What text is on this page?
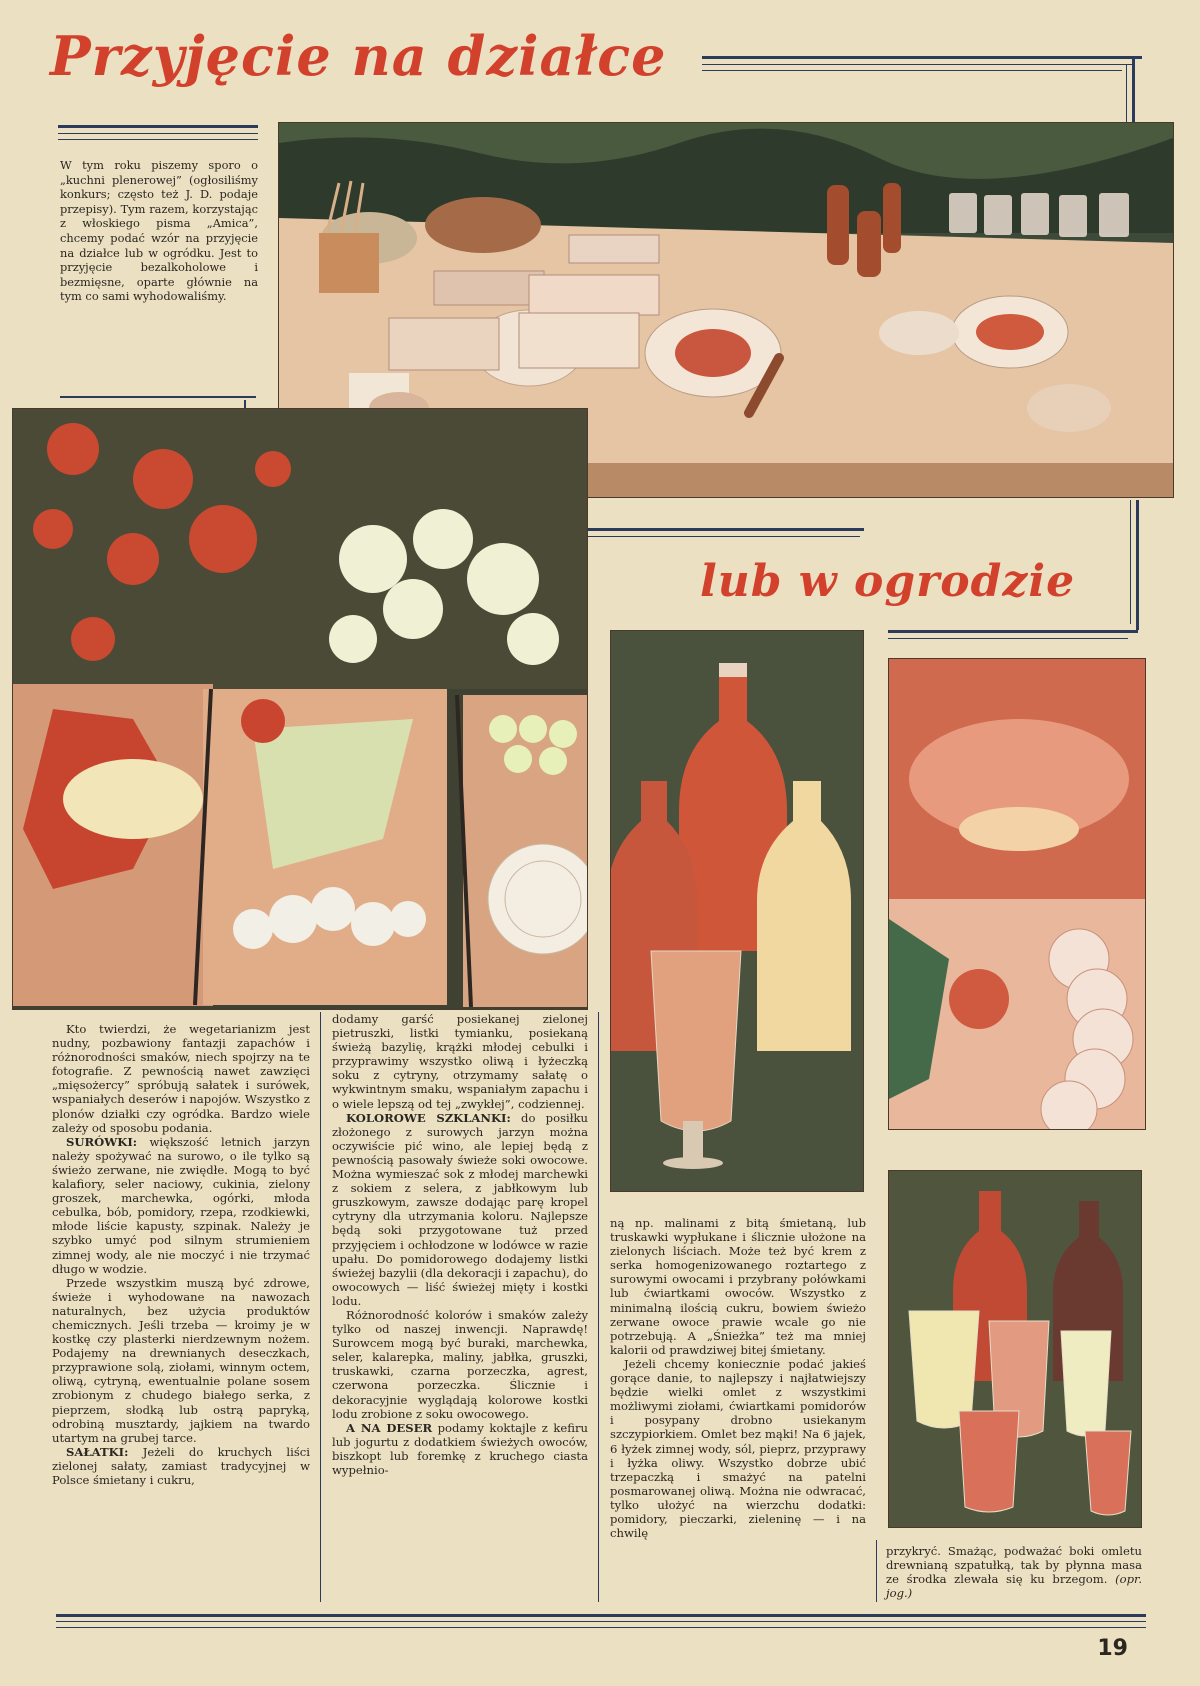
Przyjęcie na działce
W tym roku piszemy sporo o „kuchni plenerowej” (ogłosiliśmy konkurs; często też J. D. podaje przepisy). Tym razem, korzystając z włoskiego pisma „Amica”, chcemy podać wzór na przyjęcie na działce lub w ogródku. Jest to przyjęcie bezalkoholowe i bezmięsne, oparte głównie na tym co sami wyhodowaliśmy.
lub w ogrodzie

Kto twierdzi, że wegetarianizm jest nudny, pozbawiony fantazji zapachów i różnorodności smaków, niech spojrzy na te fotografie. Z pewnością nawet zawzięci „mięsożercy” spróbują sałatek i surówek, wspaniałych deserów i napojów. Wszystko z plonów działki czy ogródka. Bardzo wiele zależy od sposobu podania.

SURÓWKI: większość letnich jarzyn należy spożywać na surowo, o ile tylko są świeżo zerwane, nie zwiędłe. Mogą to być kalafiory, seler naciowy, cukinia, zielony groszek, marchewka, ogórki, młoda cebulka, bób, pomidory, rzepa, rzodkiewki, młode liście kapusty, szpinak. Należy je szybko umyć pod silnym strumieniem zimnej wody, ale nie moczyć i nie trzymać długo w wodzie.

Przede wszystkim muszą być zdrowe, świeże i wyhodowane na nawozach naturalnych, bez użycia produktów chemicznych. Jeśli trzeba — kroimy je w kostkę czy plasterki nierdzewnym nożem. Podajemy na drewnianych deseczkach, przyprawione solą, ziołami, winnym octem, oliwą, cytryną, ewentualnie polane sosem zrobionym z chudego białego serka, z pieprzem, słodką lub ostrą papryką, odrobiną musztardy, jajkiem na twardo utartym na grubej tarce.

SAŁATKI: Jeżeli do kruchych liści zielonej sałaty, zamiast tradycyjnej w Polsce śmietany i cukru,

dodamy garść posiekanej zielonej pietruszki, listki tymianku, posiekaną świeżą bazylię, krążki młodej cebulki i przyprawimy wszystko oliwą i łyżeczką soku z cytryny, otrzymamy sałatę o wykwintnym smaku, wspaniałym zapachu i o wiele lepszą od tej „zwykłej”, codziennej.

KOLOROWE SZKLANKI: do posiłku złożonego z surowych jarzyn można oczywiście pić wino, ale lepiej będą z pewnością pasowały świeże soki owocowe. Można wymieszać sok z młodej marchewki z sokiem z selera, z jabłkowym lub gruszkowym, zawsze dodając parę kropel cytryny dla utrzymania koloru. Najlepsze będą soki przygotowane tuż przed przyjęciem i ochłodzone w lodówce w razie upału. Do pomidorowego dodajemy listki świeżej bazylii (dla dekoracji i zapachu), do owocowych — liść świeżej mięty i kostki lodu.

Różnorodność kolorów i smaków zależy tylko od naszej inwencji. Naprawdę! Surowcem mogą być buraki, marchewka, seler, kalarepka, maliny, jabłka, gruszki, truskawki, czarna porzeczka, agrest, czerwona porzeczka. Ślicznie i dekoracyjnie wyglądają kolorowe kostki lodu zrobione z soku owocowego.

A NA DESER podamy koktajle z kefiru lub jogurtu z dodatkiem świeżych owoców, biszkopt lub foremkę z kruchego ciasta wypełnio-

ną np. malinami z bitą śmietaną, lub truskawki wypłukane i ślicznie ułożone na zielonych liściach. Może też być krem z serka homogenizowanego roztartego z surowymi owocami i przybrany połówkami lub ćwiartkami owoców. Wszystko z minimalną ilością cukru, bowiem świeżo zerwane owoce prawie wcale go nie potrzebują. A „Śnieżka” też ma mniej kalorii od prawdziwej bitej śmietany.

Jeżeli chcemy koniecznie podać jakieś gorące danie, to najlepszy i najłatwiejszy będzie wielki omlet z wszystkimi możliwymi ziołami, ćwiartkami pomidorów i posypany drobno usiekanym szczypiorkiem. Omlet bez mąki! Na 6 jajek, 6 łyżek zimnej wody, sól, pieprz, przyprawy i łyżka oliwy. Wszystko dobrze ubić trzepaczką i smażyć na patelni posmarowanej oliwą. Można nie odwracać, tylko ułożyć na wierzchu dodatki: pomidory, pieczarki, zieleninę — i na chwilę

przykryć. Smażąc, podważać boki omletu drewnianą szpatułką, tak by płynna masa ze środka zlewała się ku brzegom. (opr. jog.)

19
